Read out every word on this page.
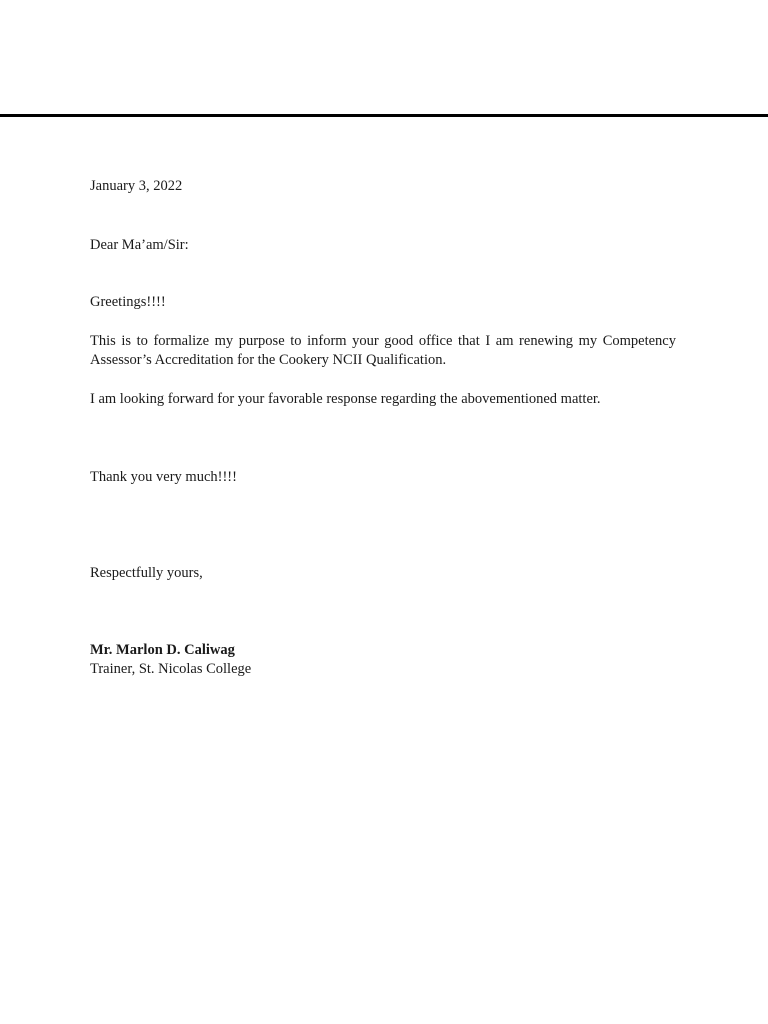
January 3, 2022

Dear Ma’am/Sir:

Greetings!!!!

This is to formalize my purpose to inform your good office that I am renewing my Competency Assessor’s Accreditation for the Cookery NCII Qualification.

I am looking forward for your favorable response regarding the abovementioned matter.

Thank you very much!!!!

Respectfully yours,

Mr. Marlon D. Caliwag

Trainer, St. Nicolas College
